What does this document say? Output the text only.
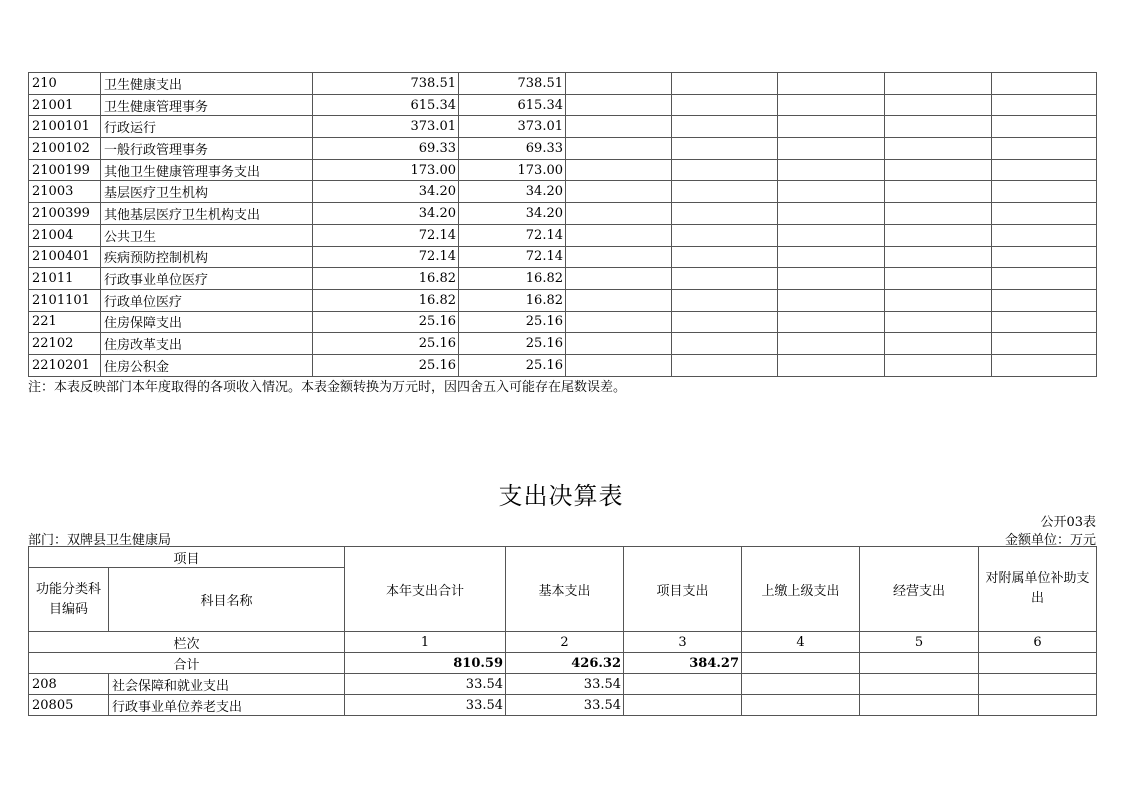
210	卫生健康支出	738.51	738.51					
21001	卫生健康管理事务	615.34	615.34					
2100101	行政运行	373.01	373.01					
2100102	一般行政管理事务	69.33	69.33					
2100199	其他卫生健康管理事务支出	173.00	173.00					
21003	基层医疗卫生机构	34.20	34.20					
2100399	其他基层医疗卫生机构支出	34.20	34.20					
21004	公共卫生	72.14	72.14					
2100401	疾病预防控制机构	72.14	72.14					
21011	行政事业单位医疗	16.82	16.82					
2101101	行政单位医疗	16.82	16.82					
221	住房保障支出	25.16	25.16					
22102	住房改革支出	25.16	25.16					
2210201	住房公积金	25.16	25.16					
注：本表反映部门本年度取得的各项收入情况。本表金额转换为万元时，因四舍五入可能存在尾数误差。
支出决算表
公开03表
部门：双牌县卫生健康局	金额单位：万元
项目		本年支出合计	基本支出	项目支出	上缴上级支出	经营支出	对附属单位补助支出
功能分类科目编码	科目名称						
栏次		1	2	3	4	5	6
合计		810.59	426.32	384.27			
208	社会保障和就业支出	33.54	33.54				
20805	行政事业单位养老支出	33.54	33.54				
